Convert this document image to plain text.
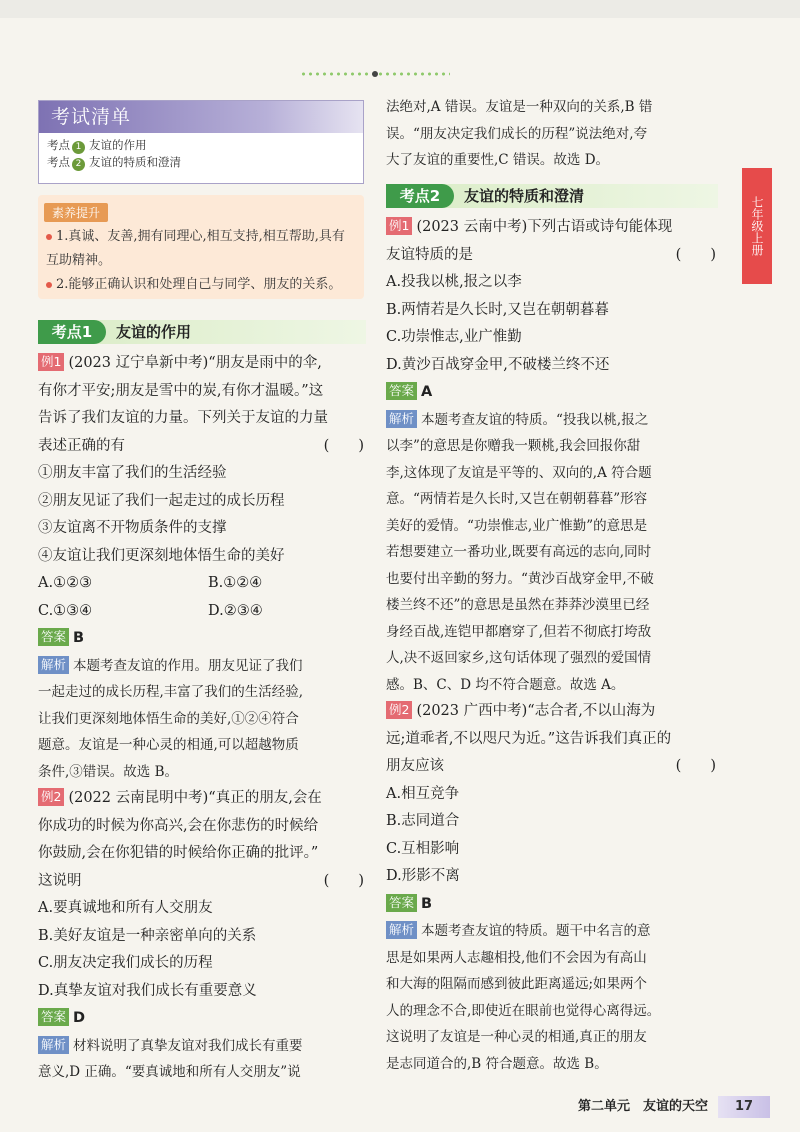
考试清单
考点 1 友谊的作用
考点 2 友谊的特质和澄清
素养提升
1.真诚、友善,拥有同理心,相互支持,相互帮助,具有
互助精神。
2.能够正确认识和处理自己与同学、朋友的关系。
考点1	友谊的作用
例1 (2023 辽宁阜新中考)“朋友是雨中的伞,
有你才平安;朋友是雪中的炭,有你才温暖。”这
告诉了我们友谊的力量。下列关于友谊的力量
表述正确的有	(　　)
①朋友丰富了我们的生活经验
②朋友见证了我们一起走过的成长历程
③友谊离不开物质条件的支撑
④友谊让我们更深刻地体悟生命的美好
A.①②③	B.①②④
C.①③④	D.②③④
答案 B
解析 本题考查友谊的作用。朋友见证了我们
一起走过的成长历程,丰富了我们的生活经验,
让我们更深刻地体悟生命的美好,①②④符合
题意。友谊是一种心灵的相通,可以超越物质
条件,③错误。故选 B。
例2 (2022 云南昆明中考)“真正的朋友,会在
你成功的时候为你高兴,会在你悲伤的时候给
你鼓励,会在你犯错的时候给你正确的批评。”
这说明	(　　)
A.要真诚地和所有人交朋友
B.美好友谊是一种亲密单向的关系
C.朋友决定我们成长的历程
D.真挚友谊对我们成长有重要意义
答案 D
解析 材料说明了真挚友谊对我们成长有重要
意义,D 正确。“要真诚地和所有人交朋友”说
法绝对,A 错误。友谊是一种双向的关系,B 错
误。“朋友决定我们成长的历程”说法绝对,夸
大了友谊的重要性,C 错误。故选 D。
考点2	友谊的特质和澄清
例1 (2023 云南中考)下列古语或诗句能体现
友谊特质的是	(　　)
A.投我以桃,报之以李
B.两情若是久长时,又岂在朝朝暮暮
C.功崇惟志,业广惟勤
D.黄沙百战穿金甲,不破楼兰终不还
答案 A
解析 本题考查友谊的特质。“投我以桃,报之
以李”的意思是你赠我一颗桃,我会回报你甜
李,这体现了友谊是平等的、双向的,A 符合题
意。“两情若是久长时,又岂在朝朝暮暮”形容
美好的爱情。“功崇惟志,业广惟勤”的意思是
若想要建立一番功业,既要有高远的志向,同时
也要付出辛勤的努力。“黄沙百战穿金甲,不破
楼兰终不还”的意思是虽然在莽莽沙漠里已经
身经百战,连铠甲都磨穿了,但若不彻底打垮敌
人,决不返回家乡,这句话体现了强烈的爱国情
感。B、C、D 均不符合题意。故选 A。
例2 (2023 广西中考)“志合者,不以山海为
远;道乖者,不以咫尺为近。”这告诉我们真正的
朋友应该	(　　)
A.相互竞争
B.志同道合
C.互相影响
D.形影不离
答案 B
解析 本题考查友谊的特质。题干中名言的意
思是如果两人志趣相投,他们不会因为有高山
和大海的阻隔而感到彼此距离遥远;如果两个
人的理念不合,即使近在眼前也觉得心离得远。
这说明了友谊是一种心灵的相通,真正的朋友
是志同道合的,B 符合题意。故选 B。
七年级上册
第二单元　友谊的天空	17
